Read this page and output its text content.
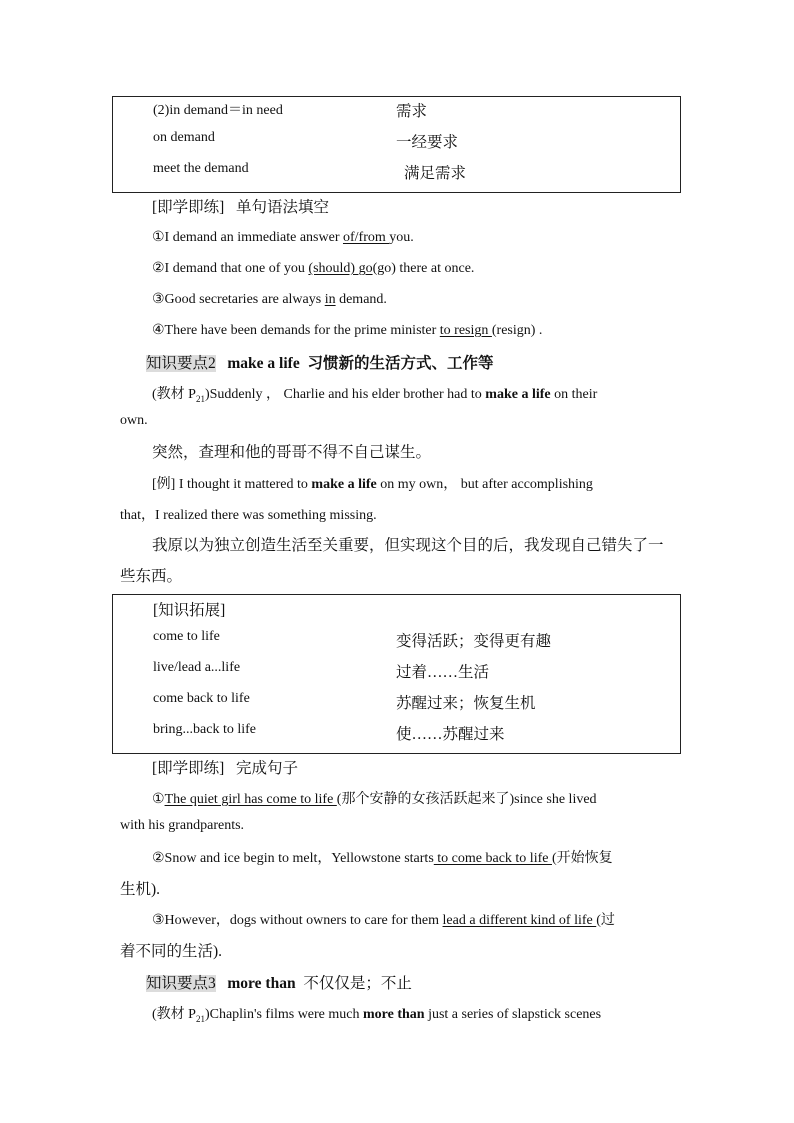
(2)in demand＝in need	需求
on demand	一经要求
meet the demand	满足需求
[即学即练] 单句语法填空
①I demand an immediate answer of/from you.
②I demand that one of you (should) go(go) there at once.
③Good secretaries are always in demand.
④There have been demands for the prime minister to resign (resign) .
知识要点2 make a life 习惯新的生活方式、工作等
(教材 $P_{21})Suddenly$ ， Charlie and his elder brother had to make a life on their
own.
突然，查理和他的哥哥不得不自己谋生。
[例] I thought it mattered to make a life on my own， but after accomplishing
that，I realized there was something missing.
我原以为独立创造生活至关重要，但实现这个目的后，我发现自己错失了一
些东西。
[知识拓展]
come to life	变得活跃；变得更有趣
live/lead a...life	过着……生活
come back to life	苏醒过来；恢复生机
bring...back to life	使……苏醒过来
[即学即练] 完成句子
①The quiet girl has come to life (那个安静的女孩活跃起来了)since she lived
with his grandparents.
②Snow and ice begin to melt，Yellowstone starts to come back to life (开始恢复
生机).
③However，dogs without owners to care for them lead a different kind of life (过
着不同的生活).
知识要点3 more than 不仅仅是；不止
(教材 $P_{21})Chaplin's$ films were much more than just a series of slapstick scenes
